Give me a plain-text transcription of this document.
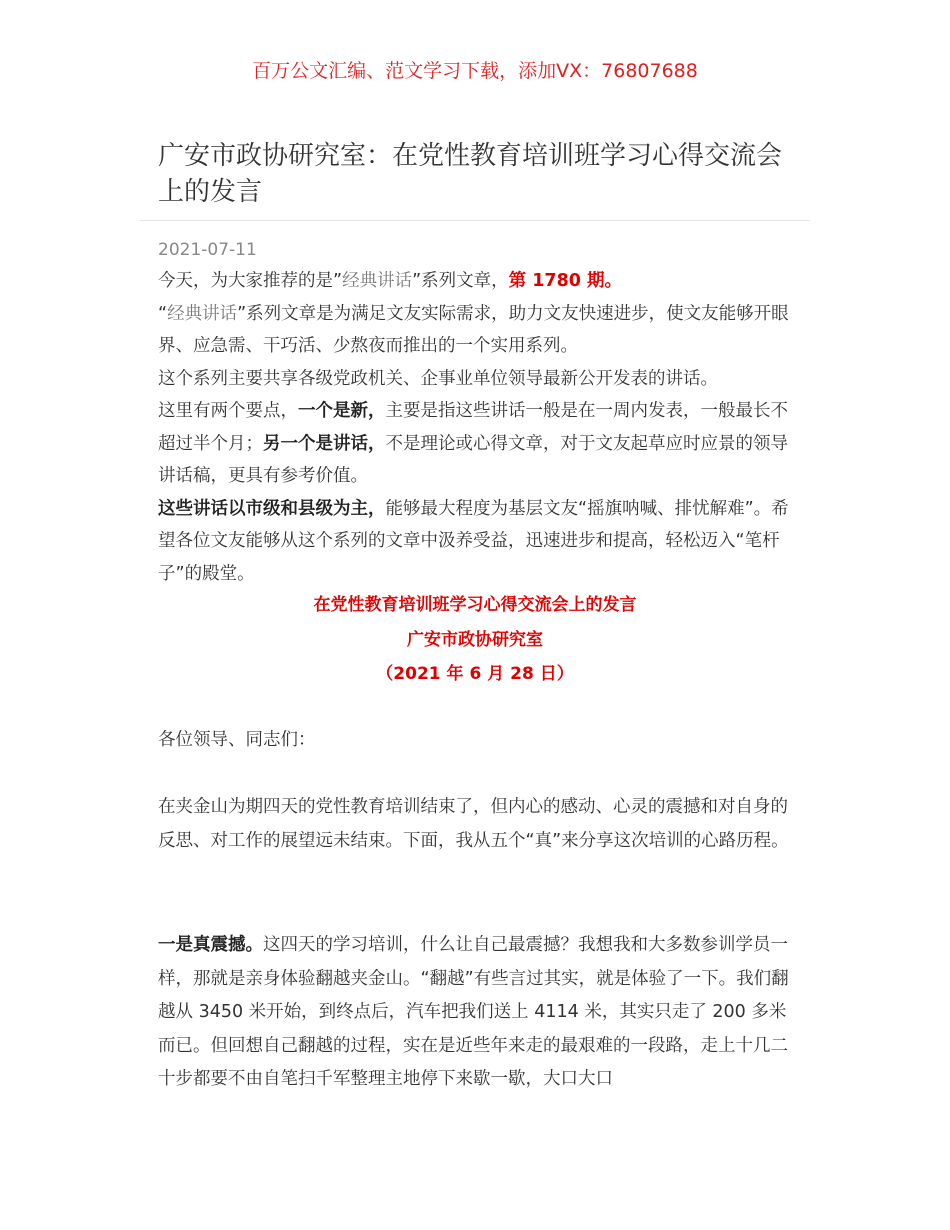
百万公文汇编、范文学习下载，添加VX：76807688
广安市政协研究室：在党性教育培训班学习心得交流会上的发言
2021-07-11

今天，为大家推荐的是”经典讲话”系列文章，第 1780 期。

“经典讲话”系列文章是为满足文友实际需求，助力文友快速进步，使文友能够开眼界、应急需、干巧活、少熬夜而推出的一个实用系列。

这个系列主要共享各级党政机关、企事业单位领导最新公开发表的讲话。

这里有两个要点，一个是新，主要是指这些讲话一般是在一周内发表，一般最长不超过半个月；另一个是讲话，不是理论或心得文章，对于文友起草应时应景的领导讲话稿，更具有参考价值。

这些讲话以市级和县级为主，能够最大程度为基层文友“摇旗呐喊、排忧解难”。希望各位文友能够从这个系列的文章中汲养受益，迅速进步和提高，轻松迈入“笔杆子”的殿堂。

在党性教育培训班学习心得交流会上的发言
广安市政协研究室
（2021 年 6 月 28 日）
各位领导、同志们：
在夹金山为期四天的党性教育培训结束了，但内心的感动、心灵的震撼和对自身的反思、对工作的展望远未结束。下面，我从五个“真”来分享这次培训的心路历程。
一是真震撼。这四天的学习培训，什么让自己最震撼？我想我和大多数参训学员一样，那就是亲身体验翻越夹金山。“翻越”有些言过其实，就是体验了一下。我们翻越从 3450 米开始，到终点后，汽车把我们送上 4114 米，其实只走了 200 多米而已。但回想自己翻越的过程，实在是近些年来走的最艰难的一段路，走上十几二十步都要不由自笔扫千军整理主地停下来歇一歇，大口大口
